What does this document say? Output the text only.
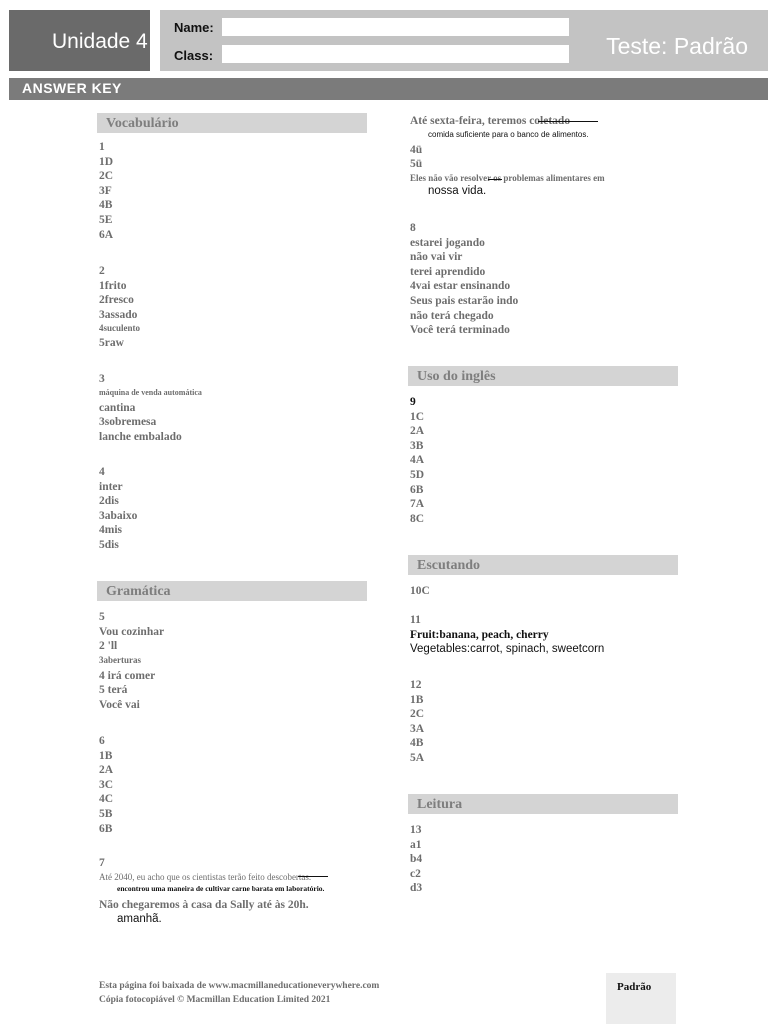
Unidade 4
Name:
Class:	Teste: Padrão
ANSWER KEY
Vocabulário
Gramática
1
1D
2C
3F
4B
5E
6A
2
1frito
2fresco
3assado
4suculento
5raw
3
máquina de venda automática
cantina
3sobremesa
lanche embalado
4
inter
2dis
3abaixo
4mis
5dis
5
Vou cozinhar
2 'll
3aberturas
4 irá comer
5 terá
Você vai
6
1B
2A
3C
4C
5B
6B
7
Até 2040, eu acho que os cientistas terão feito descobertas.
encontrou uma maneira de cultivar carne barata em laboratório.
Não chegaremos à casa da Sally até às 20h.
amanhã.
Até sexta-feira, teremos coletado
comida suficiente para o banco de alimentos.
4ü
5ü
Eles não vão resolver os problemas alimentares em
nossa vida.
8
estarei jogando
não vai vir
terei aprendido
4vai estar ensinando
Seus pais estarão indo
não terá chegado
Você terá terminado
Uso do inglês
Escutando
Leitura
9
1C
2A
3B
4A
5D
6B
7A
8C
10C
11
Fruit:banana, peach, cherry
Vegetables:carrot, spinach, sweetcorn
12
1B
2C
3A
4B
5A
13
a1
b4
c2
d3
Esta página foi baixada de www.macmillaneducationeverywhere.com
Cópia fotocopiável © Macmillan Education Limited 2021
Padrão
